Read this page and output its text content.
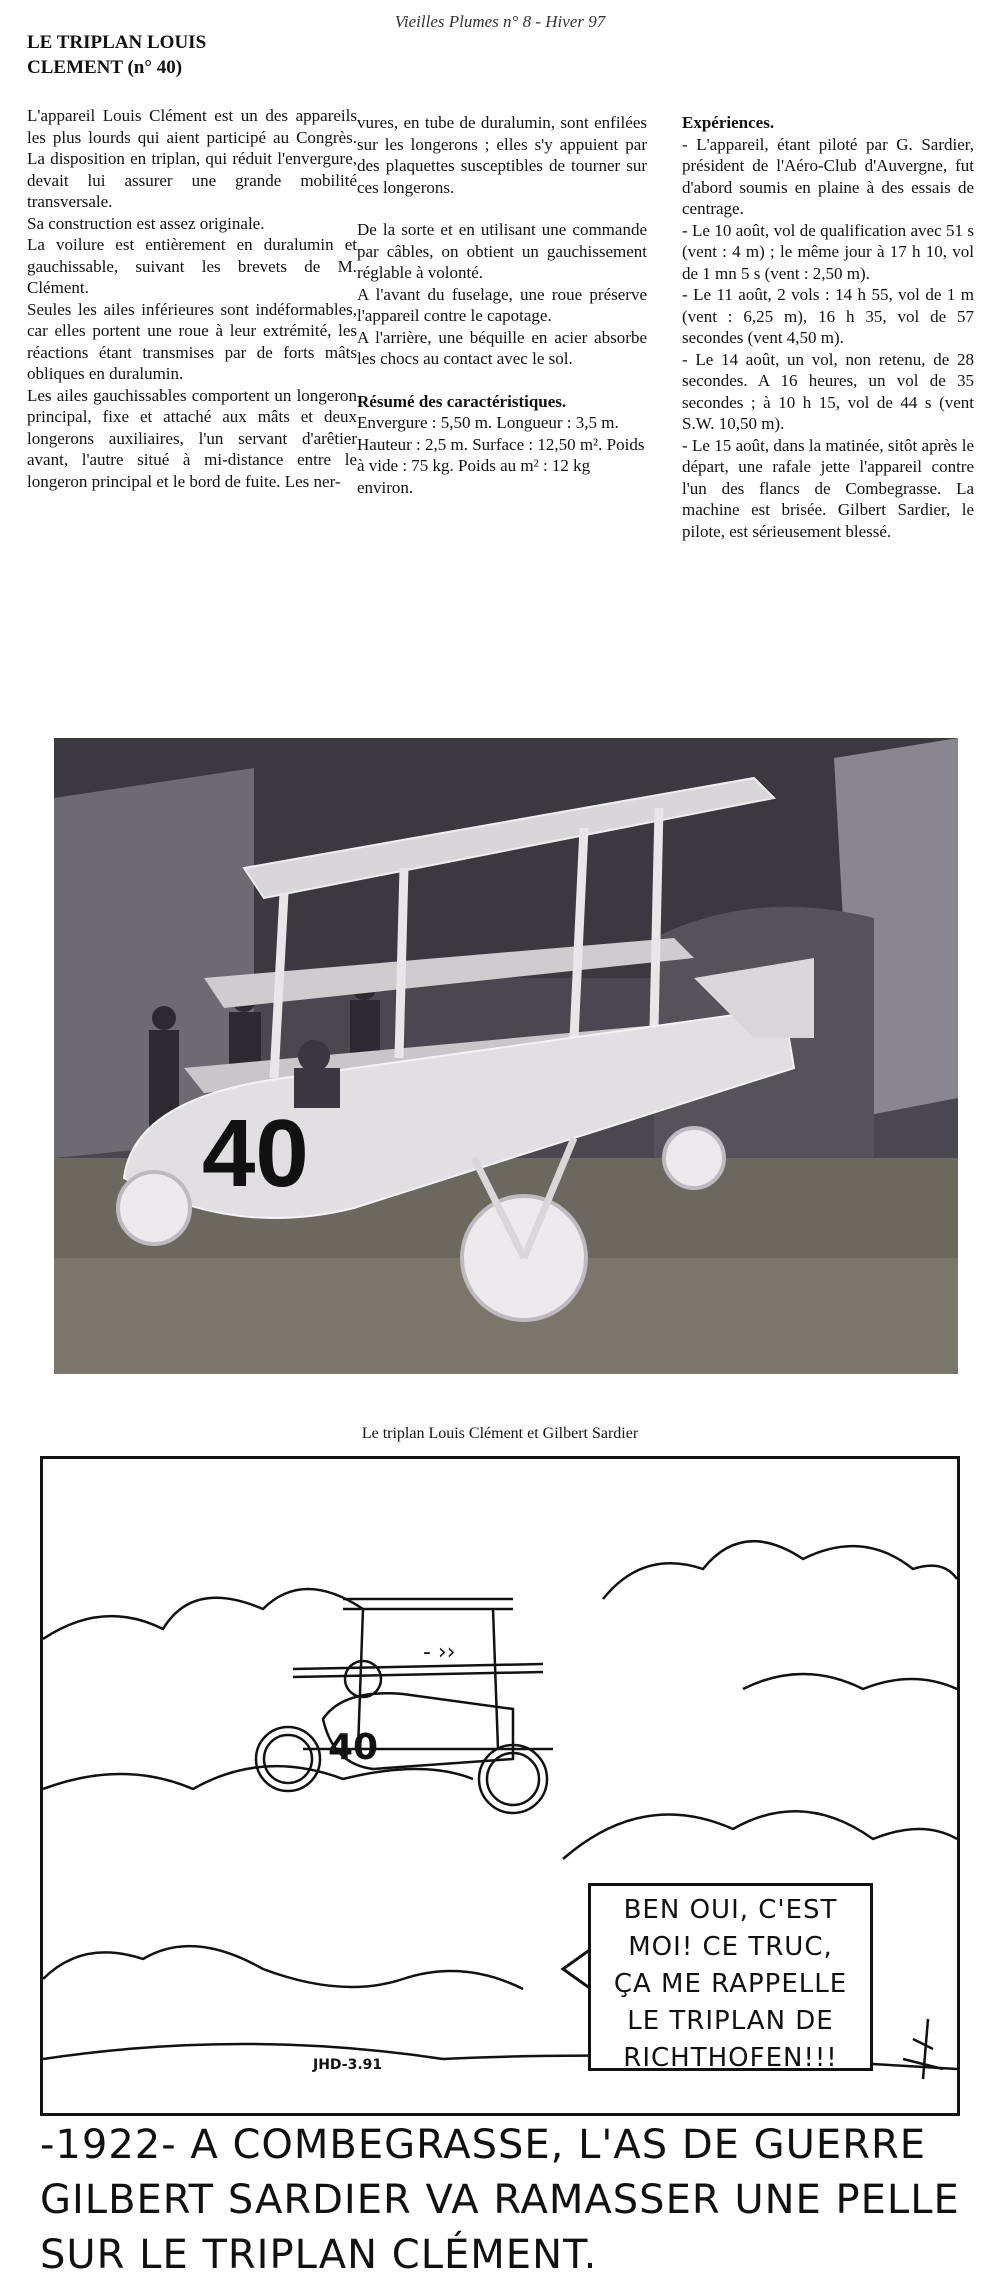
Vieilles Plumes n° 8 - Hiver 97
LE TRIPLAN LOUIS
CLEMENT (n° 40)

L'appareil Louis Clément est un des appareils les plus lourds qui aient participé au Congrès. La disposition en triplan, qui réduit l'envergure, devait lui assurer une grande mobilité transversale.

Sa construction est assez originale.

La voilure est entièrement en duralumin et gauchissable, suivant les brevets de M. Clément.

Seules les ailes inférieures sont indéformables, car elles portent une roue à leur extrémité, les réactions étant transmises par de forts mâts obliques en duralumin.

Les ailes gauchissables comportent un longeron principal, fixe et attaché aux mâts et deux longerons auxiliaires, l'un servant d'arêtier avant, l'autre situé à mi-distance entre le longeron principal et le bord de fuite. Les ner-

vures, en tube de duralumin, sont enfilées sur les longerons ; elles s'y appuient par des plaquettes susceptibles de tourner sur ces longerons.

De la sorte et en utilisant une commande par câbles, on obtient un gauchissement réglable à volonté.

A l'avant du fuselage, une roue préserve l'appareil contre le capotage.

A l'arrière, une béquille en acier absorbe les chocs au contact avec le sol.

Résumé des caractéristiques.

Envergure : 5,50 m. Longueur : 3,5 m. Hauteur : 2,5 m. Surface : 12,50 m². Poids à vide : 75 kg. Poids au m² : 12 kg environ.

Expériences.

- L'appareil, étant piloté par G. Sardier, président de l'Aéro-Club d'Auvergne, fut d'abord soumis en plaine à des essais de centrage.

- Le 10 août, vol de qualification avec 51 s (vent : 4 m) ; le même jour à 17 h 10, vol de 1 mn 5 s (vent : 2,50 m).

- Le 11 août, 2 vols : 14 h 55, vol de 1 m (vent : 6,25 m), 16 h 35, vol de 57 secondes (vent 4,50 m).

- Le 14 août, un vol, non retenu, de 28 secondes. A 16 heures, un vol de 35 secondes ; à 10 h 15, vol de 44 s (vent S.W. 10,50 m).

- Le 15 août, dans la matinée, sitôt après le départ, une rafale jette l'appareil contre l'un des flancs de Combegrasse. La machine est brisée. Gilbert Sardier, le pilote, est sérieusement blessé.

40
Le triplan Louis Clément et Gilbert Sardier
40
- ››
JHD-3.91
BEN OUI, C'EST
MOI! CE TRUC,
ÇA ME RAPPELLE
LE TRIPLAN DE
RICHTHOFEN!!!
-1922- A COMBEGRASSE, L'AS DE GUERRE
GILBERT SARDIER VA RAMASSER UNE PELLE
SUR LE TRIPLAN CLÉMENT.
